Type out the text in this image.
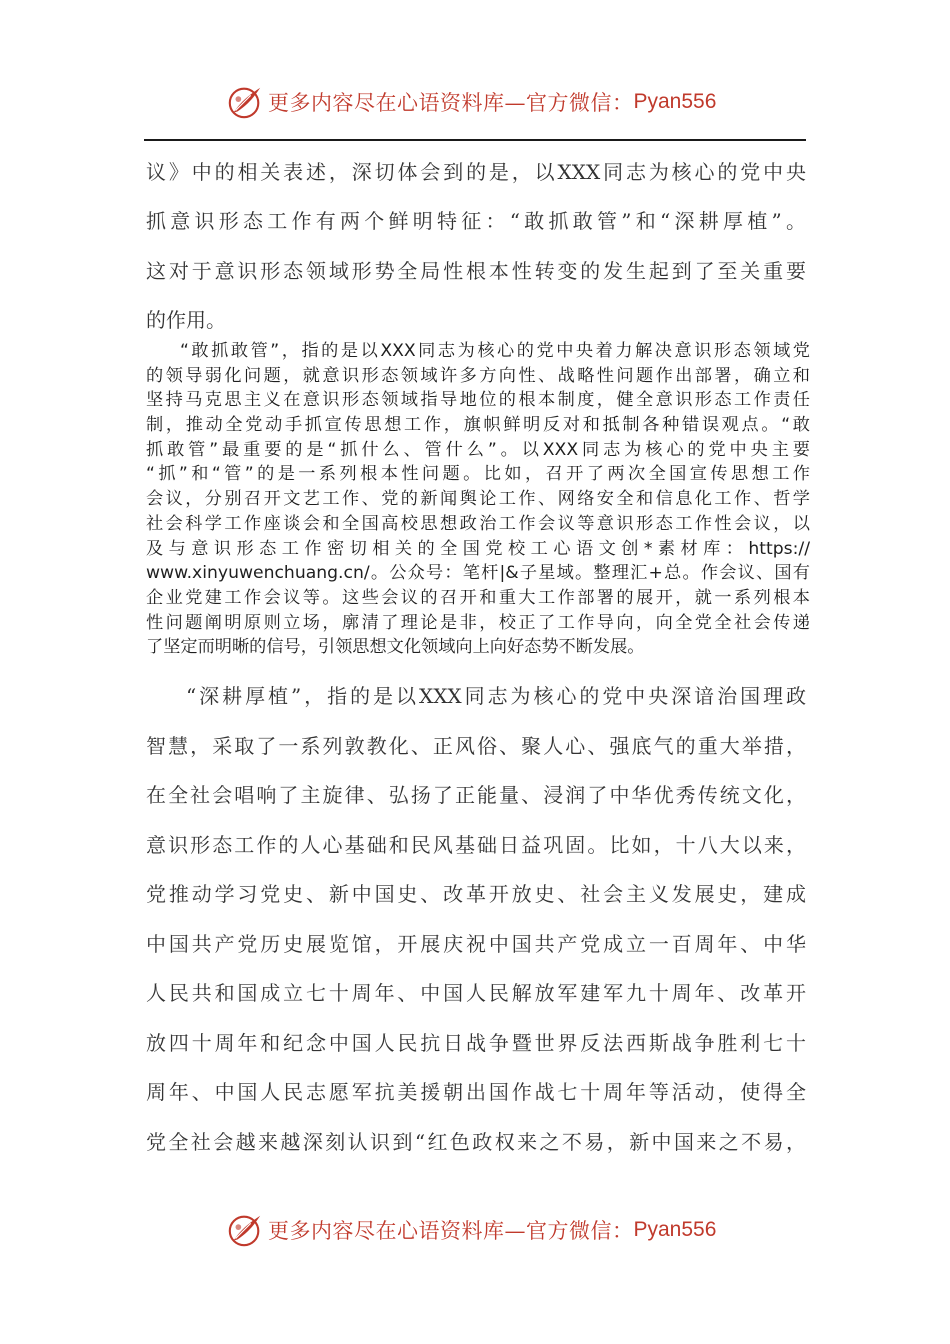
更多内容尽在心语资料库—官方微信： Pyan556
议》中的相关表述，深切体会到的是，以XXX同志为核心的党中央
抓意识形态工作有两个鲜明特征：“敢抓敢管”和“深耕厚植”。
这对于意识形态领域形势全局性根本性转变的发生起到了至关重要
的作用。
“敢抓敢管”，指的是以XXX同志为核心的党中央着力解决意识形态领域党
的领导弱化问题，就意识形态领域许多方向性、战略性问题作出部署，确立和
坚持马克思主义在意识形态领域指导地位的根本制度，健全意识形态工作责任
制，推动全党动手抓宣传思想工作，旗帜鲜明反对和抵制各种错误观点。“敢
抓敢管”最重要的是“抓什么、管什么”。以XXX同志为核心的党中央主要
“抓”和“管”的是一系列根本性问题。比如，召开了两次全国宣传思想工作
会议，分别召开文艺工作、党的新闻舆论工作、网络安全和信息化工作、哲学
社会科学工作座谈会和全国高校思想政治工作会议等意识形态工作性会议，以
及与意识形态工作密切相关的全国党校工心语文创*素材库：https://
www.xinyuwenchuang.cn/。公众号：笔杆|&子星域。整理汇+总。作会议、国有
企业党建工作会议等。这些会议的召开和重大工作部署的展开，就一系列根本
性问题阐明原则立场，廓清了理论是非，校正了工作导向，向全党全社会传递
了坚定而明晰的信号，引领思想文化领域向上向好态势不断发展。
“深耕厚植”，指的是以XXX同志为核心的党中央深谙治国理政
智慧，采取了一系列敦教化、正风俗、聚人心、强底气的重大举措，
在全社会唱响了主旋律、弘扬了正能量、浸润了中华优秀传统文化，
意识形态工作的人心基础和民风基础日益巩固。比如，十八大以来，
党推动学习党史、新中国史、改革开放史、社会主义发展史，建成
中国共产党历史展览馆，开展庆祝中国共产党成立一百周年、中华
人民共和国成立七十周年、中国人民解放军建军九十周年、改革开
放四十周年和纪念中国人民抗日战争暨世界反法西斯战争胜利七十
周年、中国人民志愿军抗美援朝出国作战七十周年等活动，使得全
党全社会越来越深刻认识到“红色政权来之不易，新中国来之不易，
更多内容尽在心语资料库—官方微信： Pyan556
